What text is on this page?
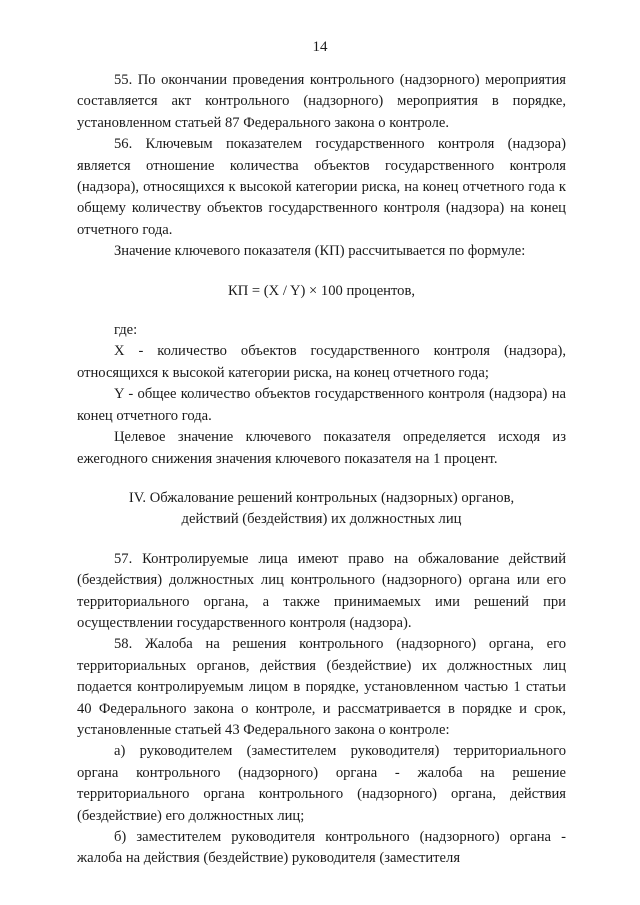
14

55. По окончании проведения контрольного (надзорного) мероприятия составляется акт контрольного (надзорного) мероприятия в порядке, установленном статьей 87 Федерального закона о контроле.

56. Ключевым показателем государственного контроля (надзора) является отношение количества объектов государственного контроля (надзора), относящихся к высокой категории риска, на конец отчетного года к общему количеству объектов государственного контроля (надзора) на конец отчетного года.

Значение ключевого показателя (КП) рассчитывается по формуле:

КП = (X / Y) × 100 процентов,

где:

X - количество объектов государственного контроля (надзора), относящихся к высокой категории риска, на конец отчетного года;

Y - общее количество объектов государственного контроля (надзора) на конец отчетного года.

Целевое значение ключевого показателя определяется исходя из ежегодного снижения значения ключевого показателя на 1 процент.

IV. Обжалование решений контрольных (надзорных) органов,

действий (бездействия) их должностных лиц

57. Контролируемые лица имеют право на обжалование действий (бездействия) должностных лиц контрольного (надзорного) органа или его территориального органа, а также принимаемых ими решений при осуществлении государственного контроля (надзора).

58. Жалоба на решения контрольного (надзорного) органа, его территориальных органов, действия (бездействие) их должностных лиц подается контролируемым лицом в порядке, установленном частью 1 статьи 40 Федерального закона о контроле, и рассматривается в порядке и срок, установленные статьей 43 Федерального закона о контроле:

а) руководителем (заместителем руководителя) территориального органа контрольного (надзорного) органа - жалоба на решение территориального органа контрольного (надзорного) органа, действия (бездействие) его должностных лиц;

б) заместителем руководителя контрольного (надзорного) органа - жалоба на действия (бездействие) руководителя (заместителя
